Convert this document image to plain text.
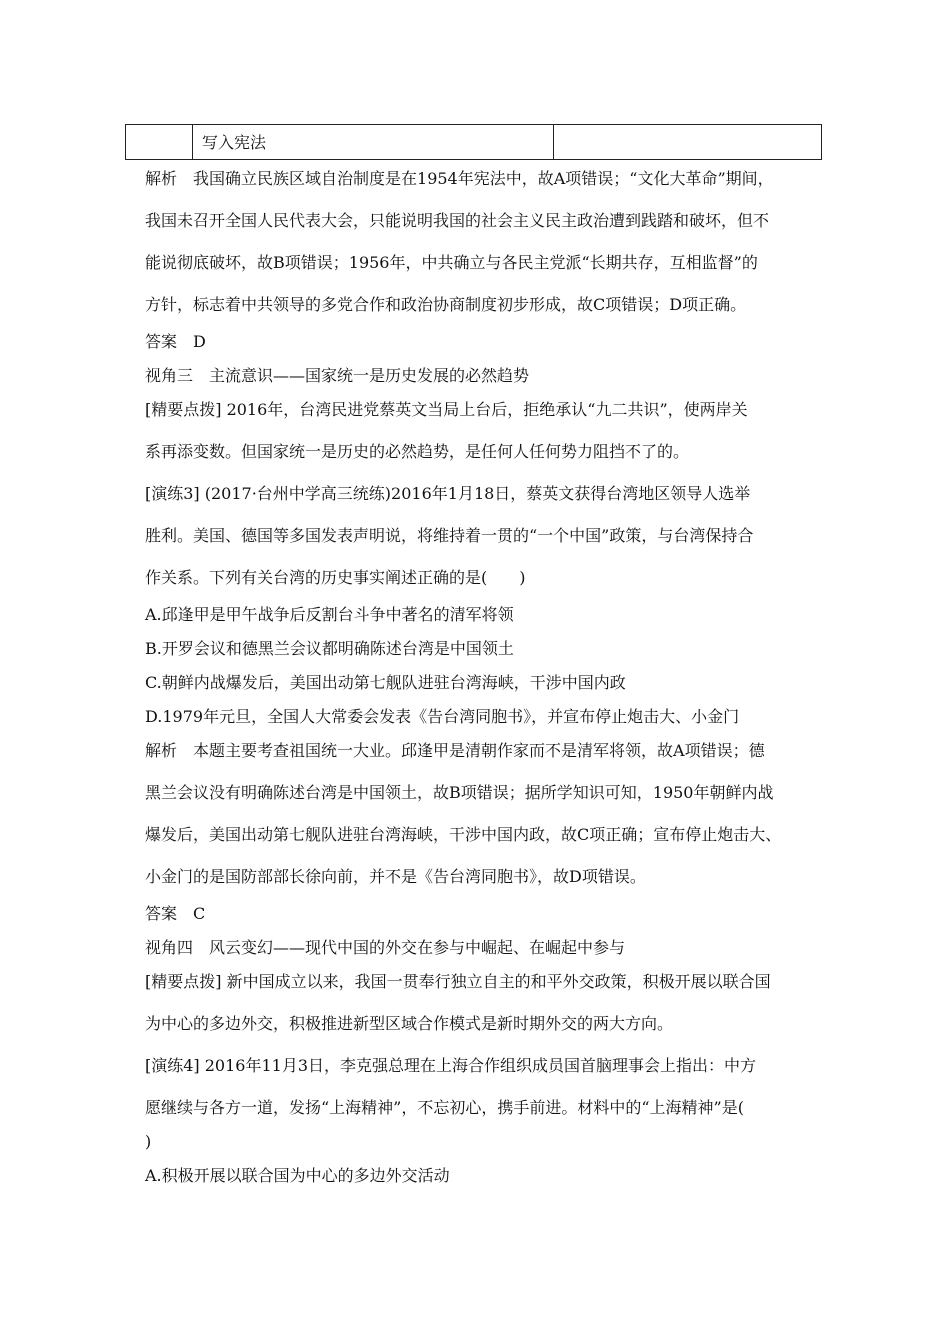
写入宪法
解析 我国确立民族区域自治制度是在1954年宪法中，故A项错误；“文化大革命”期间，
我国未召开全国人民代表大会，只能说明我国的社会主义民主政治遭到践踏和破坏，但不
能说彻底破坏，故B项错误；1956年，中共确立与各民主党派“长期共存，互相监督”的
方针，标志着中共领导的多党合作和政治协商制度初步形成，故C项错误；D项正确。
答案 D
视角三 主流意识——国家统一是历史发展的必然趋势
[精要点拨] 2016年，台湾民进党蔡英文当局上台后，拒绝承认“九二共识”，使两岸关
系再添变数。但国家统一是历史的必然趋势，是任何人任何势力阻挡不了的。
[演练3] (2017·台州中学高三统练)2016年1月18日，蔡英文获得台湾地区领导人选举
胜利。美国、德国等多国发表声明说，将维持着一贯的“一个中国”政策，与台湾保持合
作关系。下列有关台湾的历史事实阐述正确的是(　　)
A.邱逢甲是甲午战争后反割台斗争中著名的清军将领
B.开罗会议和德黑兰会议都明确陈述台湾是中国领土
C.朝鲜内战爆发后，美国出动第七舰队进驻台湾海峡，干涉中国内政
D.1979年元旦，全国人大常委会发表《告台湾同胞书》，并宣布停止炮击大、小金门
解析 本题主要考查祖国统一大业。邱逢甲是清朝作家而不是清军将领，故A项错误；德
黑兰会议没有明确陈述台湾是中国领土，故B项错误；据所学知识可知，1950年朝鲜内战
爆发后，美国出动第七舰队进驻台湾海峡，干涉中国内政，故C项正确；宣布停止炮击大、
小金门的是国防部部长徐向前，并不是《告台湾同胞书》，故D项错误。
答案 C
视角四 风云变幻——现代中国的外交在参与中崛起、在崛起中参与
[精要点拨] 新中国成立以来，我国一贯奉行独立自主的和平外交政策，积极开展以联合国
为中心的多边外交，积极推进新型区域合作模式是新时期外交的两大方向。
[演练4] 2016年11月3日，李克强总理在上海合作组织成员国首脑理事会上指出：中方
愿继续与各方一道，发扬“上海精神”，不忘初心，携手前进。材料中的“上海精神”是(
)
A.积极开展以联合国为中心的多边外交活动
